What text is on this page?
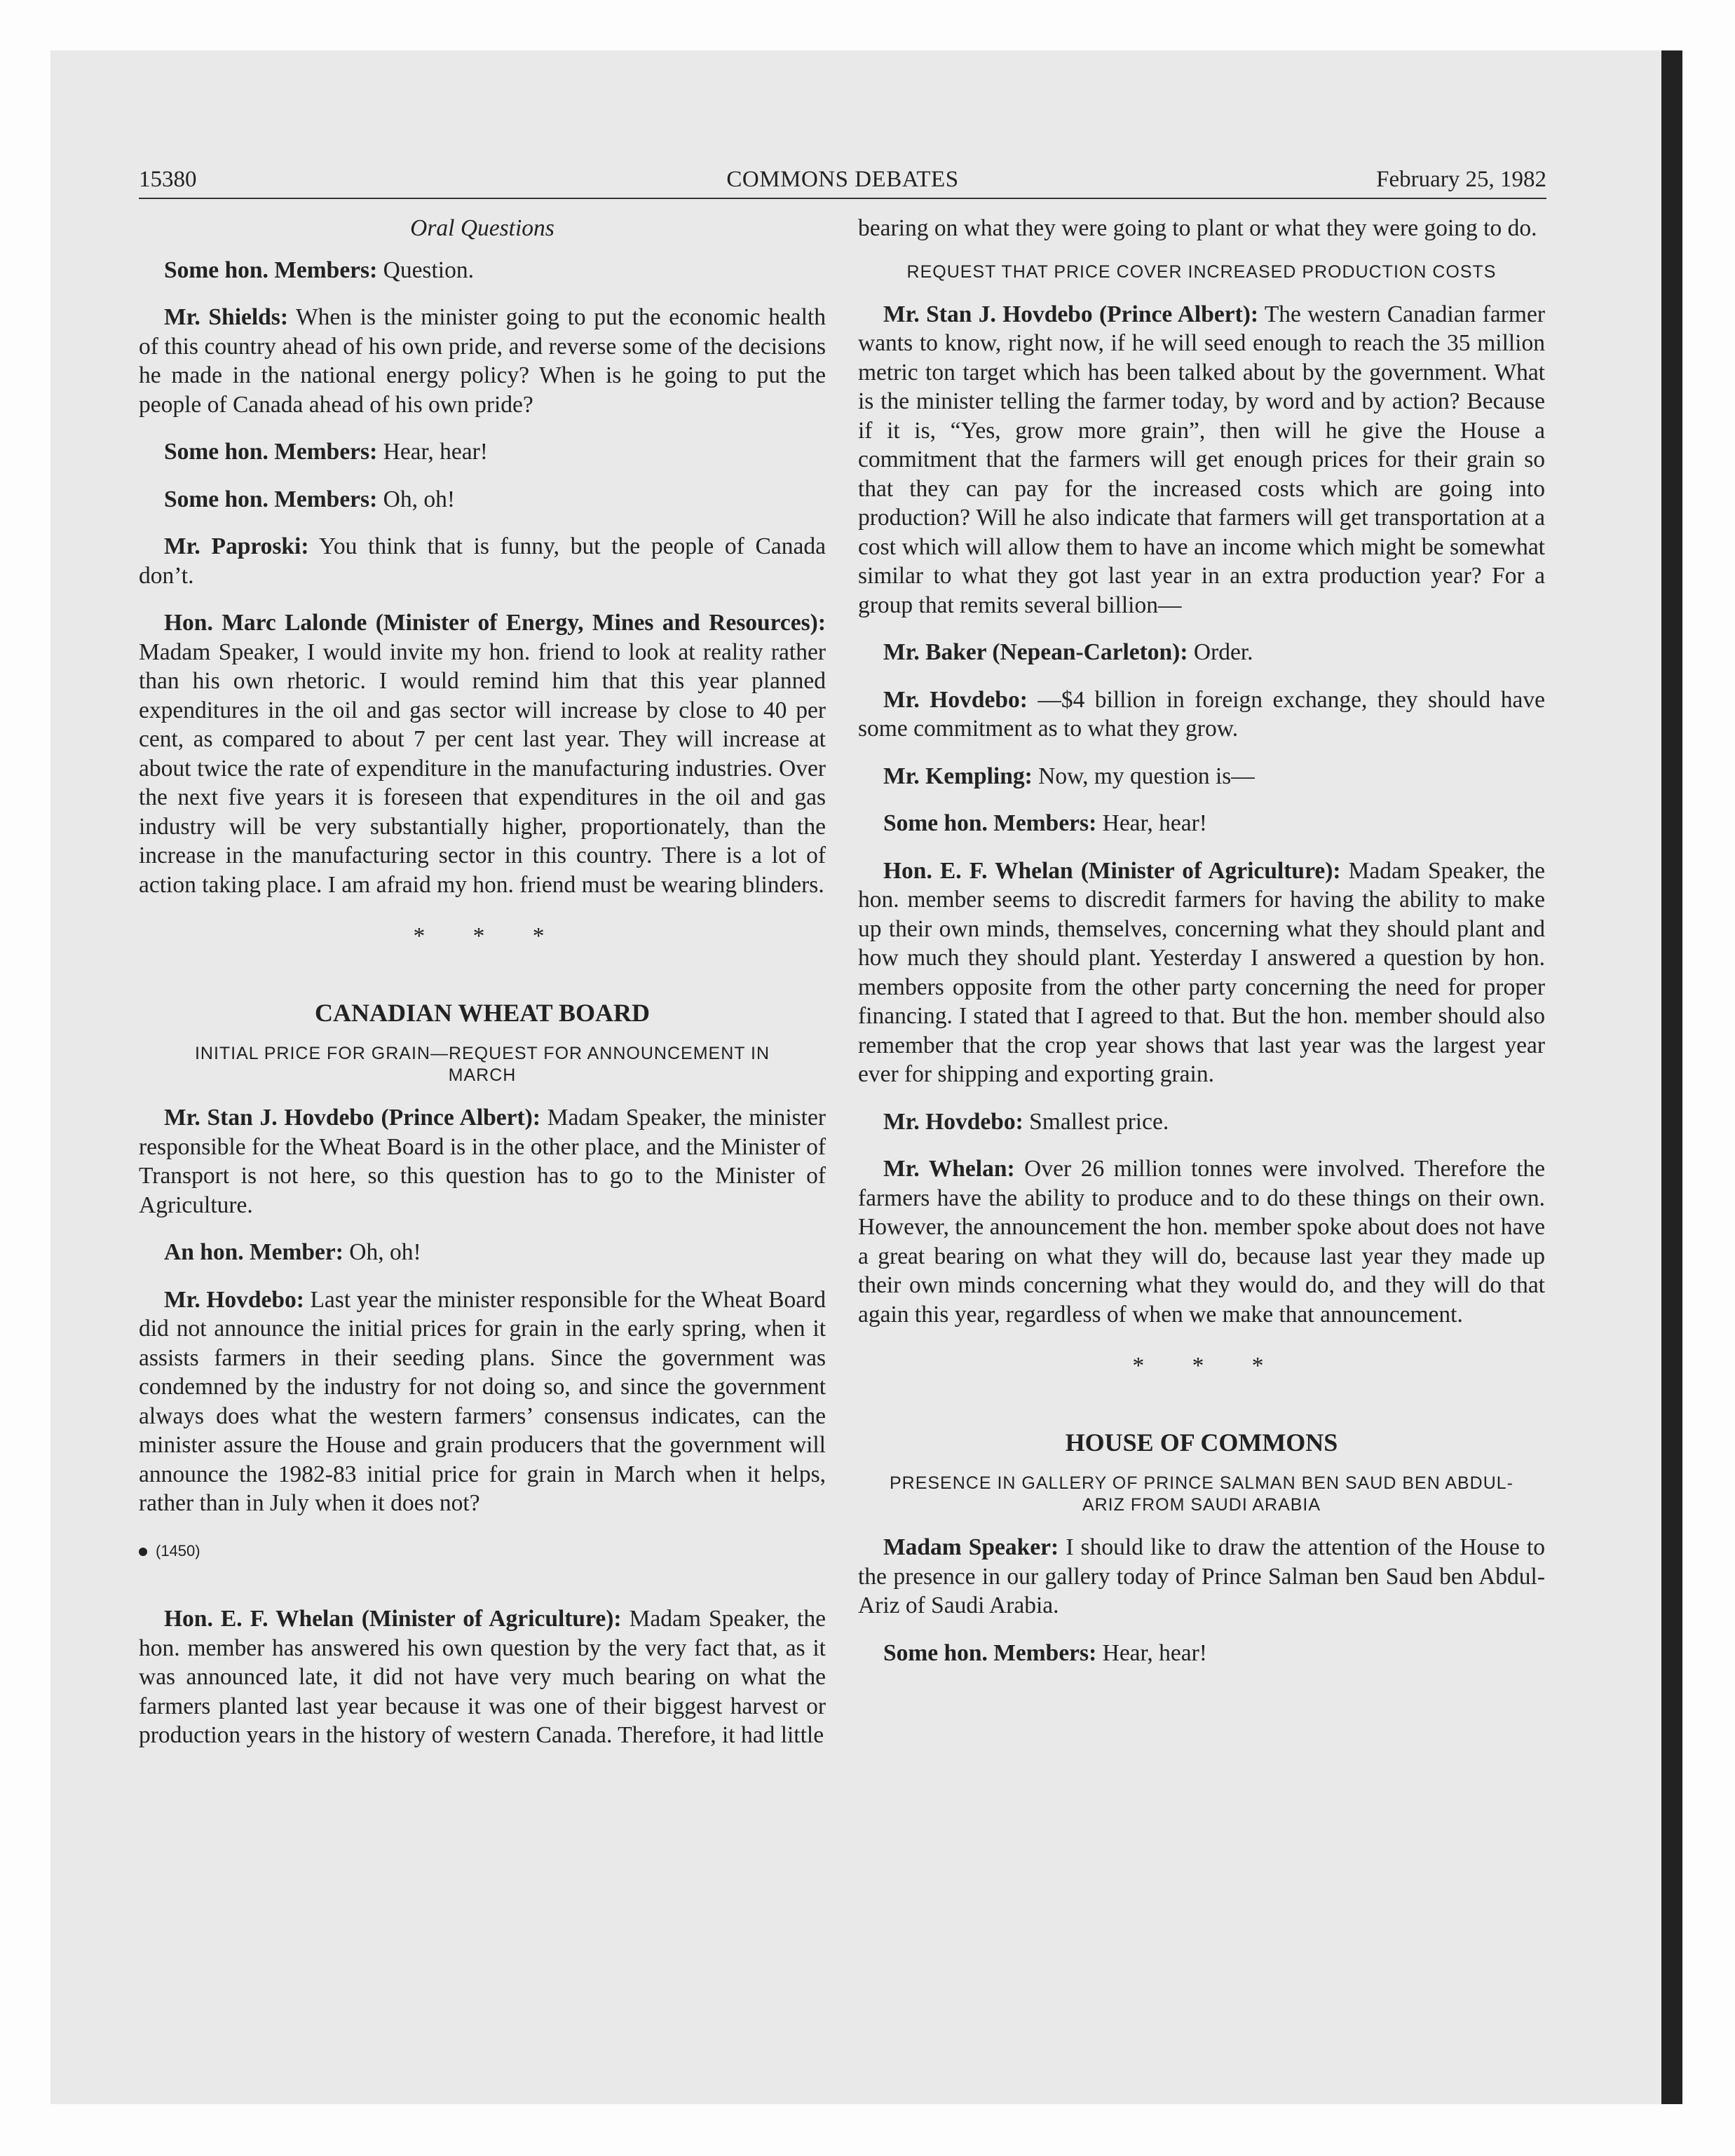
15380	COMMONS DEBATES	February 25, 1982
Oral Questions

Some hon. Members: Question.

Mr. Shields: When is the minister going to put the economic health of this country ahead of his own pride, and reverse some of the decisions he made in the national energy policy? When is he going to put the people of Canada ahead of his own pride?

Some hon. Members: Hear, hear!

Some hon. Members: Oh, oh!

Mr. Paproski: You think that is funny, but the people of Canada don’t.

Hon. Marc Lalonde (Minister of Energy, Mines and Resources): Madam Speaker, I would invite my hon. friend to look at reality rather than his own rhetoric. I would remind him that this year planned expenditures in the oil and gas sector will increase by close to 40 per cent, as compared to about 7 per cent last year. They will increase at about twice the rate of expenditure in the manufacturing industries. Over the next five years it is foreseen that expenditures in the oil and gas industry will be very substantially higher, proportionately, than the increase in the manufacturing sector in this country. There is a lot of action taking place. I am afraid my hon. friend must be wearing blinders.

* * *
CANADIAN WHEAT BOARD
INITIAL PRICE FOR GRAIN—REQUEST FOR ANNOUNCEMENT IN MARCH

Mr. Stan J. Hovdebo (Prince Albert): Madam Speaker, the minister responsible for the Wheat Board is in the other place, and the Minister of Transport is not here, so this question has to go to the Minister of Agriculture.

An hon. Member: Oh, oh!

Mr. Hovdebo: Last year the minister responsible for the Wheat Board did not announce the initial prices for grain in the early spring, when it assists farmers in their seeding plans. Since the government was condemned by the industry for not doing so, and since the government always does what the western farmers’ consensus indicates, can the minister assure the House and grain producers that the government will announce the 1982-83 initial price for grain in March when it helps, rather than in July when it does not?

(1450)

Hon. E. F. Whelan (Minister of Agriculture): Madam Speaker, the hon. member has answered his own question by the very fact that, as it was announced late, it did not have very much bearing on what the farmers planted last year because it was one of their biggest harvest or production years in the history of western Canada. Therefore, it had little

bearing on what they were going to plant or what they were going to do.

REQUEST THAT PRICE COVER INCREASED PRODUCTION COSTS

Mr. Stan J. Hovdebo (Prince Albert): The western Canadian farmer wants to know, right now, if he will seed enough to reach the 35 million metric ton target which has been talked about by the government. What is the minister telling the farmer today, by word and by action? Because if it is, “Yes, grow more grain”, then will he give the House a commitment that the farmers will get enough prices for their grain so that they can pay for the increased costs which are going into production? Will he also indicate that farmers will get transportation at a cost which will allow them to have an income which might be somewhat similar to what they got last year in an extra production year? For a group that remits several billion—

Mr. Baker (Nepean-Carleton): Order.

Mr. Hovdebo: —$4 billion in foreign exchange, they should have some commitment as to what they grow.

Mr. Kempling: Now, my question is—

Some hon. Members: Hear, hear!

Hon. E. F. Whelan (Minister of Agriculture): Madam Speaker, the hon. member seems to discredit farmers for having the ability to make up their own minds, themselves, concerning what they should plant and how much they should plant. Yesterday I answered a question by hon. members opposite from the other party concerning the need for proper financing. I stated that I agreed to that. But the hon. member should also remember that the crop year shows that last year was the largest year ever for shipping and exporting grain.

Mr. Hovdebo: Smallest price.

Mr. Whelan: Over 26 million tonnes were involved. Therefore the farmers have the ability to produce and to do these things on their own. However, the announcement the hon. member spoke about does not have a great bearing on what they will do, because last year they made up their own minds concerning what they would do, and they will do that again this year, regardless of when we make that announcement.

* * *
HOUSE OF COMMONS
PRESENCE IN GALLERY OF PRINCE SALMAN BEN SAUD BEN ABDUL-ARIZ FROM SAUDI ARABIA

Madam Speaker: I should like to draw the attention of the House to the presence in our gallery today of Prince Salman ben Saud ben Abdul-Ariz of Saudi Arabia.

Some hon. Members: Hear, hear!
